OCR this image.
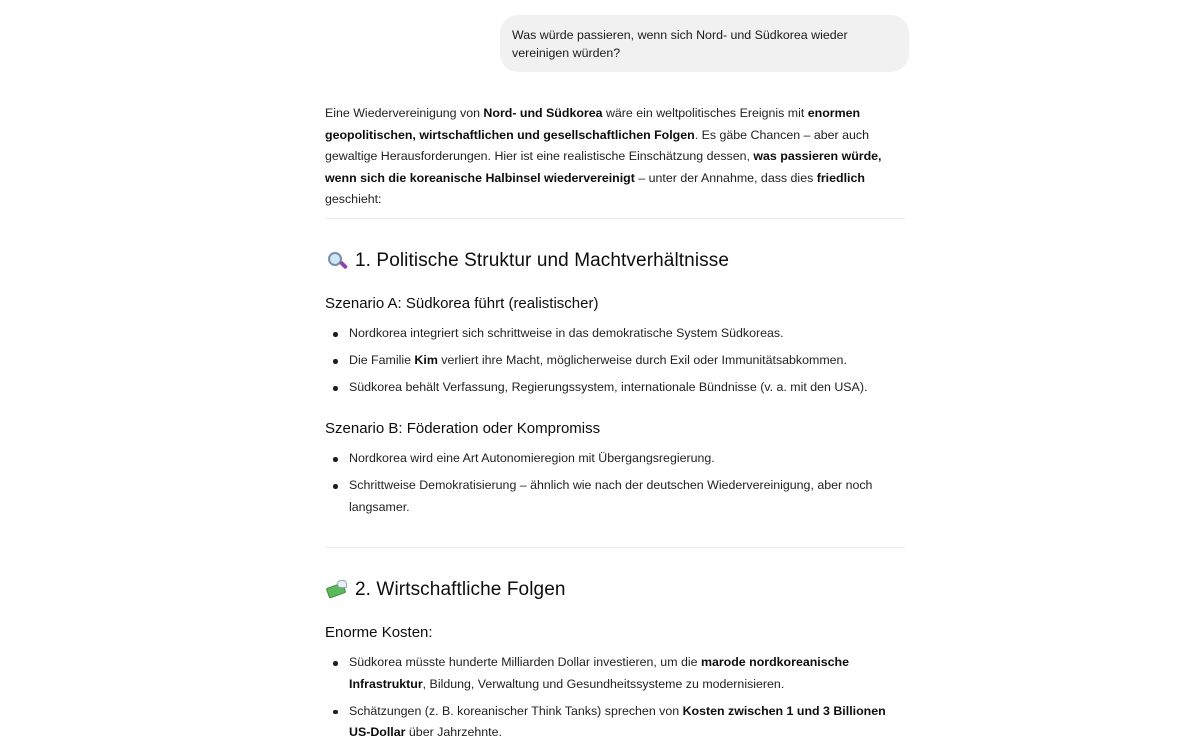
Was würde passieren, wenn sich Nord- und Südkorea wieder vereinigen würden?

Eine Wiedervereinigung von Nord- und Südkorea wäre ein weltpolitisches Ereignis mit enormen geopolitischen, wirtschaftlichen und gesellschaftlichen Folgen. Es gäbe Chancen – aber auch gewaltige Herausforderungen. Hier ist eine realistische Einschätzung dessen, was passieren würde, wenn sich die koreanische Halbinsel wiedervereinigt – unter der Annahme, dass dies friedlich geschieht:

1. Politische Struktur und Machtverhältnisse
Szenario A: Südkorea führt (realistischer)
Nordkorea integriert sich schrittweise in das demokratische System Südkoreas.
Die Familie Kim verliert ihre Macht, möglicherweise durch Exil oder Immunitätsabkommen.
Südkorea behält Verfassung, Regierungssystem, internationale Bündnisse (v. a. mit den USA).
Szenario B: Föderation oder Kompromiss
Nordkorea wird eine Art Autonomieregion mit Übergangsregierung.
Schrittweise Demokratisierung – ähnlich wie nach der deutschen Wiedervereinigung, aber noch langsamer.
2. Wirtschaftliche Folgen
Enorme Kosten:
Südkorea müsste hunderte Milliarden Dollar investieren, um die marode nordkoreanische Infrastruktur, Bildung, Verwaltung und Gesundheitssysteme zu modernisieren.
Schätzungen (z. B. koreanischer Think Tanks) sprechen von Kosten zwischen 1 und 3 Billionen US-Dollar über Jahrzehnte.
